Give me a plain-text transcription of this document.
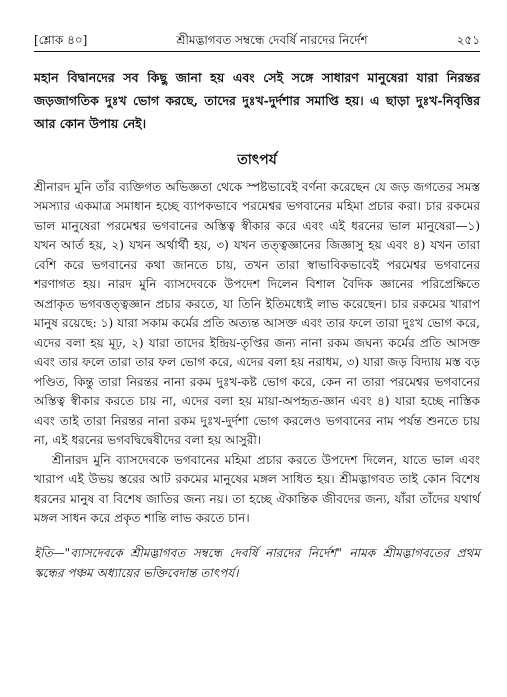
[শ্লোক ৪০]	শ্রীমদ্ভাগবত সম্বন্ধে দেবর্ষি নারদের নির্দেশ	২৫১

মহান বিদ্বানদের সব কিছু জানা হয় এবং সেই সঙ্গে সাধারণ মানুষেরা যারা নিরন্তর জড়জাগতিক দুঃখ ভোগ করছে, তাদের দুঃখ-দুর্দশার সমাপ্তি হয়। এ ছাড়া দুঃখ-নিবৃত্তির আর কোন উপায় নেই।

তাৎপর্য

শ্রীনারদ মুনি তাঁর ব্যক্তিগত অভিজ্ঞতা থেকে স্পষ্টভাবেই বর্ণনা করেছেন যে জড় জগতের সমস্ত সমস্যার একমাত্র সমাধান হচ্ছে ব্যাপকভাবে পরমেশ্বর ভগবানের মহিমা প্রচার করা। চার রকমের ভাল মানুষেরা পরমেশ্বর ভগবানের অস্তিত্ব স্বীকার করে এবং এই ধরনের ভাল মানুষেরা—১) যখন আর্ত হয়, ২) যখন অর্থার্থী হয়, ৩) যখন তত্ত্বজ্ঞানের জিজ্ঞাসু হয় এবং ৪) যখন তারা বেশি করে ভগবানের কথা জানতে চায়, তখন তারা স্বাভাবিকভাবেই পরমেশ্বর ভগবানের শরণাগত হয়। নারদ মুনি ব্যাসদেবকে উপদেশ দিলেন বিশাল বৈদিক জ্ঞানের পরিপ্রেক্ষিতে অপ্রাকৃত ভগবত্তত্ত্বজ্ঞান প্রচার করতে, যা তিনি ইতিমধ্যেই লাভ করেছেন। চার রকমের খারাপ মানুষ রয়েছে: ১) যারা সকাম কর্মের প্রতি অত্যন্ত আসক্ত এবং তার ফলে তারা দুঃখ ভোগ করে, এদের বলা হয় মূঢ়, ২) যারা তাদের ইন্দ্রিয়-তৃপ্তির জন্য নানা রকম জঘন্য কর্মের প্রতি আসক্ত এবং তার ফলে তারা তার ফল ভোগ করে, এদের বলা হয় নরাধম, ৩) যারা জড় বিদ্যায় মস্ত বড় পণ্ডিত, কিন্তু তারা নিরন্তর নানা রকম দুঃখ-কষ্ট ভোগ করে, কেন না তারা পরমেশ্বর ভগবানের অস্তিত্ব স্বীকার করতে চায় না, এদের বলা হয় মায়া-অপহৃত-জ্ঞান এবং ৪) যারা হচ্ছে নাস্তিক এবং তাই তারা নিরন্তর নানা রকম দুঃখ-দুর্দশা ভোগ করলেও ভগবানের নাম পর্যন্ত শুনতে চায় না, এই ধরনের ভগবদ্বিদ্বেষীদের বলা হয় আসুরী।

শ্রীনারদ মুনি ব্যাসদেবকে ভগবানের মহিমা প্রচার করতে উপদেশ দিলেন, যাতে ভাল এবং খারাপ এই উভয় স্তরের আট রকমের মানুষের মঙ্গল সাধিত হয়। শ্রীমদ্ভাগবত তাই কোন বিশেষ ধরনের মানুষ বা বিশেষ জাতির জন্য নয়। তা হচ্ছে ঐকান্তিক জীবদের জন্য, যাঁরা তাঁদের যথার্থ মঙ্গল সাধন করে প্রকৃত শান্তি লাভ করতে চান।

ইতি—"ব্যাসদেবকে শ্রীমদ্ভাগবত সম্বন্ধে দেবর্ষি নারদের নির্দেশ" নামক শ্রীমদ্ভাগবতের প্রথম স্কন্ধের পঞ্চম অধ্যায়ের ভক্তিবেদান্ত তাৎপর্য।
